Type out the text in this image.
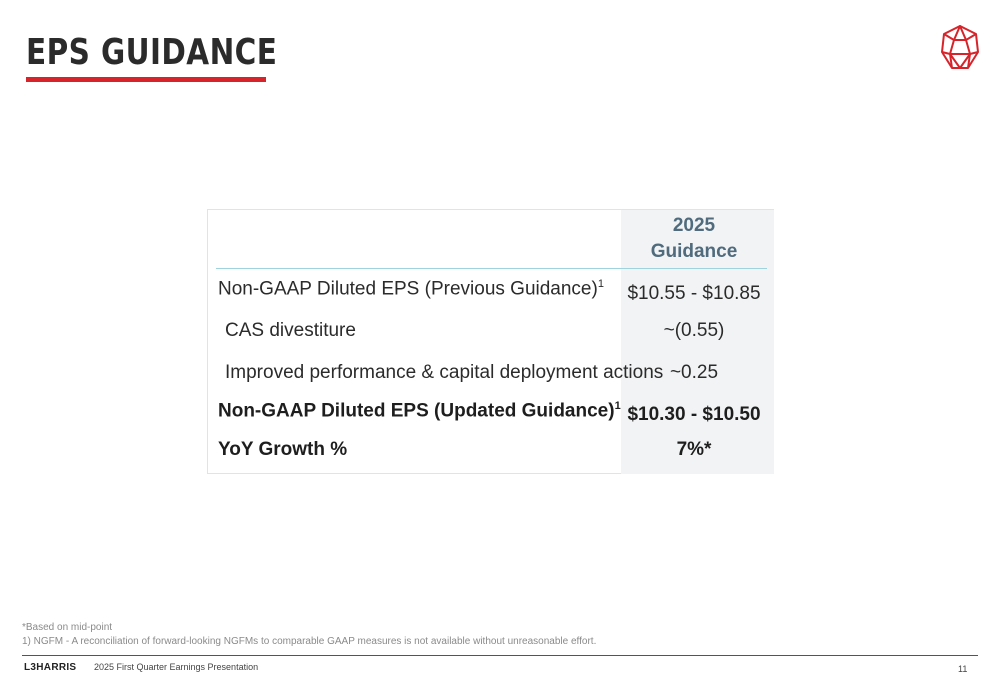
EPS GUIDANCE
2025
Guidance
Non-GAAP Diluted EPS (Previous Guidance)$^1$	$10.55 - $10.85
CAS divestiture	~(0.55)
Improved performance & capital deployment actions ~0.25
Non-GAAP Diluted EPS (Updated Guidance)$^1$ $10.30 - $10.50
YoY Growth %	7%*
*Based on mid-point
1) NGFM - A reconciliation of forward-looking NGFMs to comparable GAAP measures is not available without unreasonable effort.
L3HARRIS 2025 First Quarter Earnings Presentation	11
